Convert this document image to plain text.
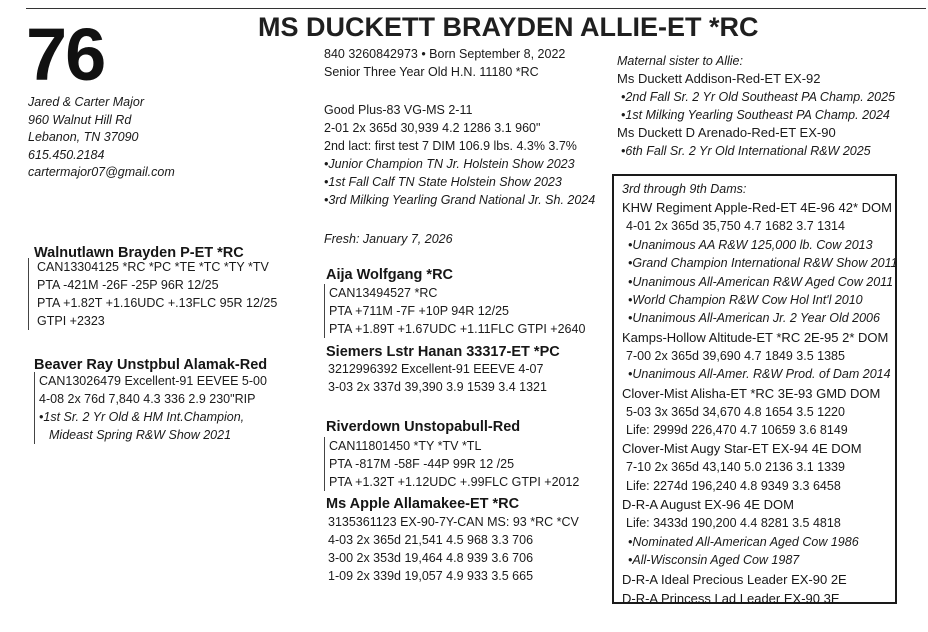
76	MS DUCKETT BRAYDEN ALLIE-ET *RC
Jared & Carter Major
960 Walnut Hill Rd
Lebanon, TN 37090
615.450.2184
cartermajor07@gmail.com
840 3260842973 • Born September 8, 2022
Senior Three Year Old H.N. 11180 *RC
Good Plus-83 VG-MS 2-11
2-01 2x 365d 30,939 4.2 1286 3.1 960"
2nd lact: first test 7 DIM 106.9 lbs. 4.3% 3.7%
•Junior Champion TN Jr. Holstein Show 2023
•1st Fall Calf TN State Holstein Show 2023
•3rd Milking Yearling Grand National Jr. Sh. 2024
Fresh: January 7, 2026
Maternal sister to Allie:
Ms Duckett Addison-Red-ET EX-92
•2nd Fall Sr. 2 Yr Old Southeast PA Champ. 2025
•1st Milking Yearling Southeast PA Champ. 2024
Ms Duckett D Arenado-Red-ET EX-90
•6th Fall Sr. 2 Yr Old International R&W 2025
Walnutlawn Brayden P-ET *RC
CAN13304125 *RC *PC *TE *TC *TY *TV
PTA -421M -26F -25P 96R 12/25
PTA +1.82T +1.16UDC +.13FLC 95R 12/25
GTPI +2323
Beaver Ray Unstpbul Alamak-Red
CAN13026479 Excellent-91 EEVEE 5-00
4-08 2x 76d 7,840 4.3 336 2.9 230"RIP
•1st Sr. 2 Yr Old & HM Int.Champion,
Mideast Spring R&W Show 2021
Aija Wolfgang *RC
CAN13494527 *RC
PTA +711M -7F +10P 94R 12/25
PTA +1.89T +1.67UDC +1.11FLC GTPI +2640
Siemers Lstr Hanan 33317-ET *PC
3212996392 Excellent-91 EEEVE 4-07
3-03 2x 337d 39,390 3.9 1539 3.4 1321
Riverdown Unstopabull-Red
CAN11801450 *TY *TV *TL
PTA -817M -58F -44P 99R 12 /25
PTA +1.32T +1.12UDC +.99FLC GTPI +2012
Ms Apple Allamakee-ET *RC
3135361123 EX-90-7Y-CAN MS: 93 *RC *CV
4-03 2x 365d 21,541 4.5 968 3.3 706
3-00 2x 353d 19,464 4.8 939 3.6 706
1-09 2x 339d 19,057 4.9 933 3.5 665
3rd through 9th Dams:
KHW Regiment Apple-Red-ET 4E-96 42* DOM
4-01 2x 365d 35,750 4.7 1682 3.7 1314
•Unanimous AA R&W 125,000 lb. Cow 2013
•Grand Champion International R&W Show 2011
•Unanimous All-American R&W Aged Cow 2011
•World Champion R&W Cow Hol Int'l 2010
•Unanimous All-American Jr. 2 Year Old 2006
Kamps-Hollow Altitude-ET *RC 2E-95 2* DOM
7-00 2x 365d 39,690 4.7 1849 3.5 1385
•Unanimous All-Amer. R&W Prod. of Dam 2014
Clover-Mist Alisha-ET *RC 3E-93 GMD DOM
5-03 3x 365d 34,670 4.8 1654 3.5 1220
Life: 2999d 226,470 4.7 10659 3.6 8149
Clover-Mist Augy Star-ET EX-94 4E DOM
7-10 2x 365d 43,140 5.0 2136 3.1 1339
Life: 2274d 196,240 4.8 9349 3.3 6458
D-R-A August EX-96 4E DOM
Life: 3433d 190,200 4.4 8281 3.5 4818
•Nominated All-American Aged Cow 1986
•All-Wisconsin Aged Cow 1987
D-R-A Ideal Precious Leader EX-90 2E
D-R-A Princess Lad Leader EX-90 3E
